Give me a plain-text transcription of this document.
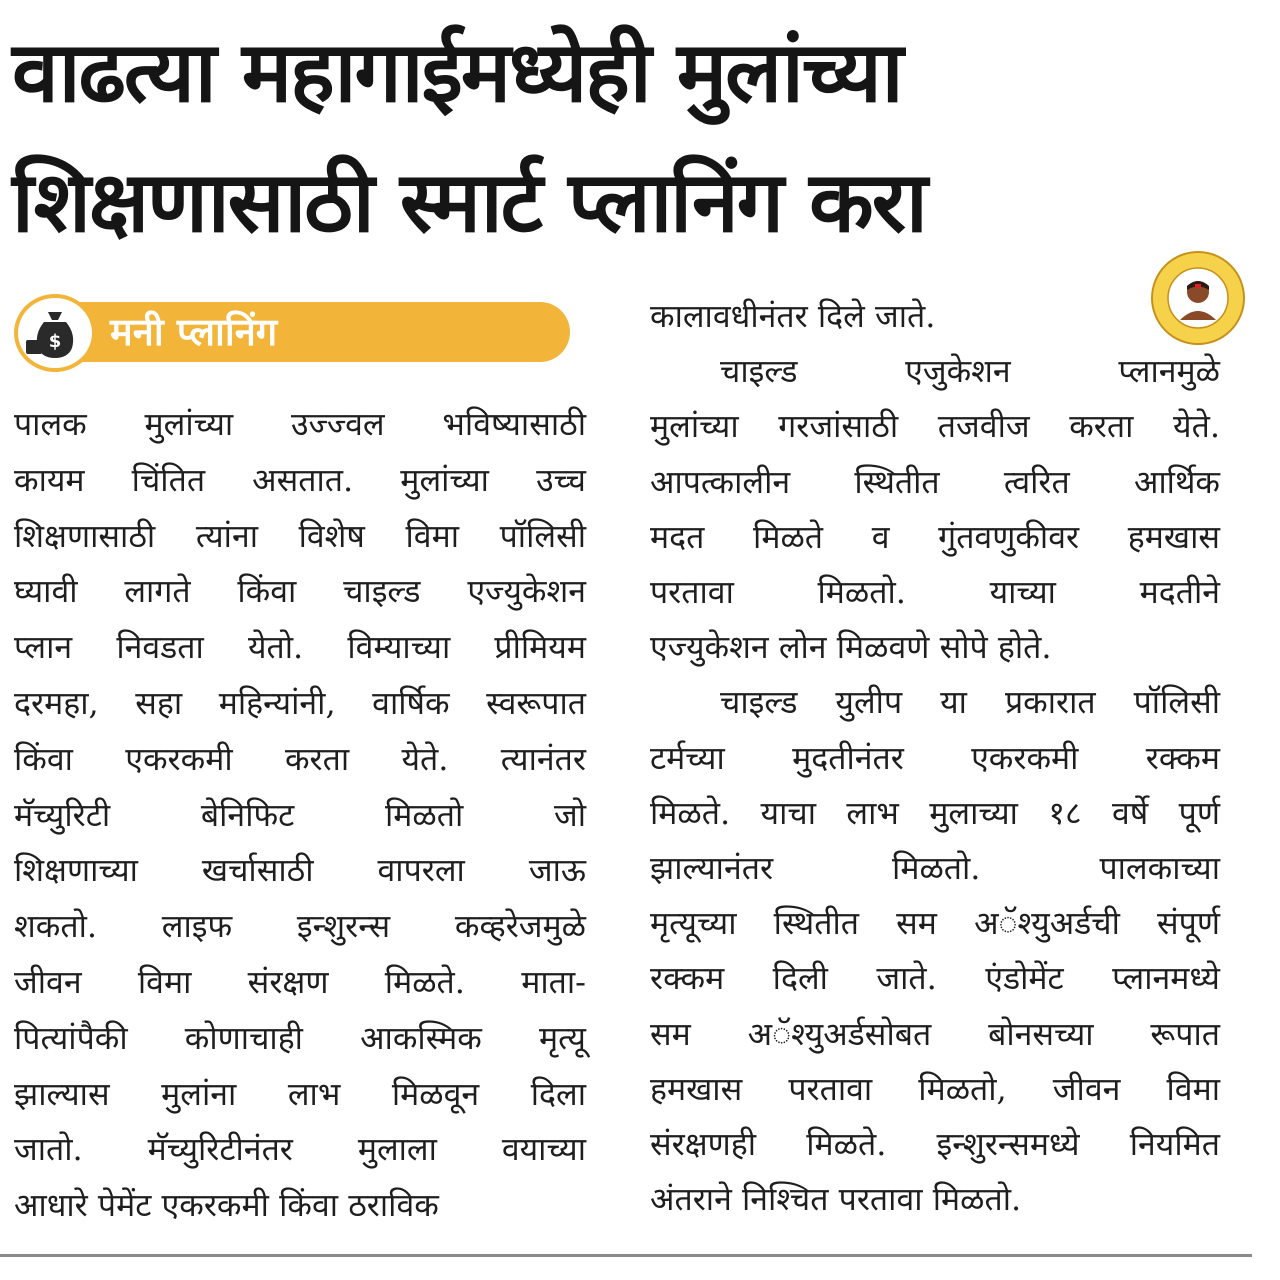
वाढत्या महागाईमध्येही मुलांच्या
शिक्षणासाठी स्मार्ट प्लानिंग करा
$ मनी प्लानिंग
पालक मुलांच्या उज्ज्वल भविष्यासाठी
कायम चिंतित असतात. मुलांच्या उच्च
शिक्षणासाठी त्यांना विशेष विमा पॉलिसी
घ्यावी लागते किंवा चाइल्ड एज्युकेशन
प्लान निवडता येतो. विम्याच्या प्रीमियम
दरमहा, सहा महिन्यांनी, वार्षिक स्वरूपात
किंवा एकरकमी करता येते. त्यानंतर
मॅच्युरिटी बेनिफिट मिळतो जो
शिक्षणाच्या खर्चासाठी वापरला जाऊ
शकतो. लाइफ इन्शुरन्स कव्हरेजमुळे
जीवन विमा संरक्षण मिळते. माता-
पित्यांपैकी कोणाचाही आकस्मिक मृत्यू
झाल्यास मुलांना लाभ मिळवून दिला
जातो. मॅच्युरिटीनंतर मुलाला वयाच्या
आधारे पेमेंट एकरकमी किंवा ठराविक
कालावधीनंतर दिले जाते.
चाइल्ड एजुकेशन प्लानमुळे
मुलांच्या गरजांसाठी तजवीज करता येते.
आपत्कालीन स्थितीत त्वरित आर्थिक
मदत मिळते व गुंतवणुकीवर हमखास
परतावा मिळतो. याच्या मदतीने
एज्युकेशन लोन मिळवणे सोपे होते.
चाइल्ड युलीप या प्रकारात पॉलिसी
टर्मच्या मुदतीनंतर एकरकमी रक्कम
मिळते. याचा लाभ मुलाच्या १८ वर्षे पूर्ण
झाल्यानंतर मिळतो. पालकाच्या
मृत्यूच्या स्थितीत सम अॅश्युअर्डची संपूर्ण
रक्कम दिली जाते. एंडोमेंट प्लानमध्ये
सम अॅश्युअर्डसोबत बोनसच्या रूपात
हमखास परतावा मिळतो, जीवन विमा
संरक्षणही मिळते. इन्शुरन्समध्ये नियमित
अंतराने निश्चित परतावा मिळतो.
